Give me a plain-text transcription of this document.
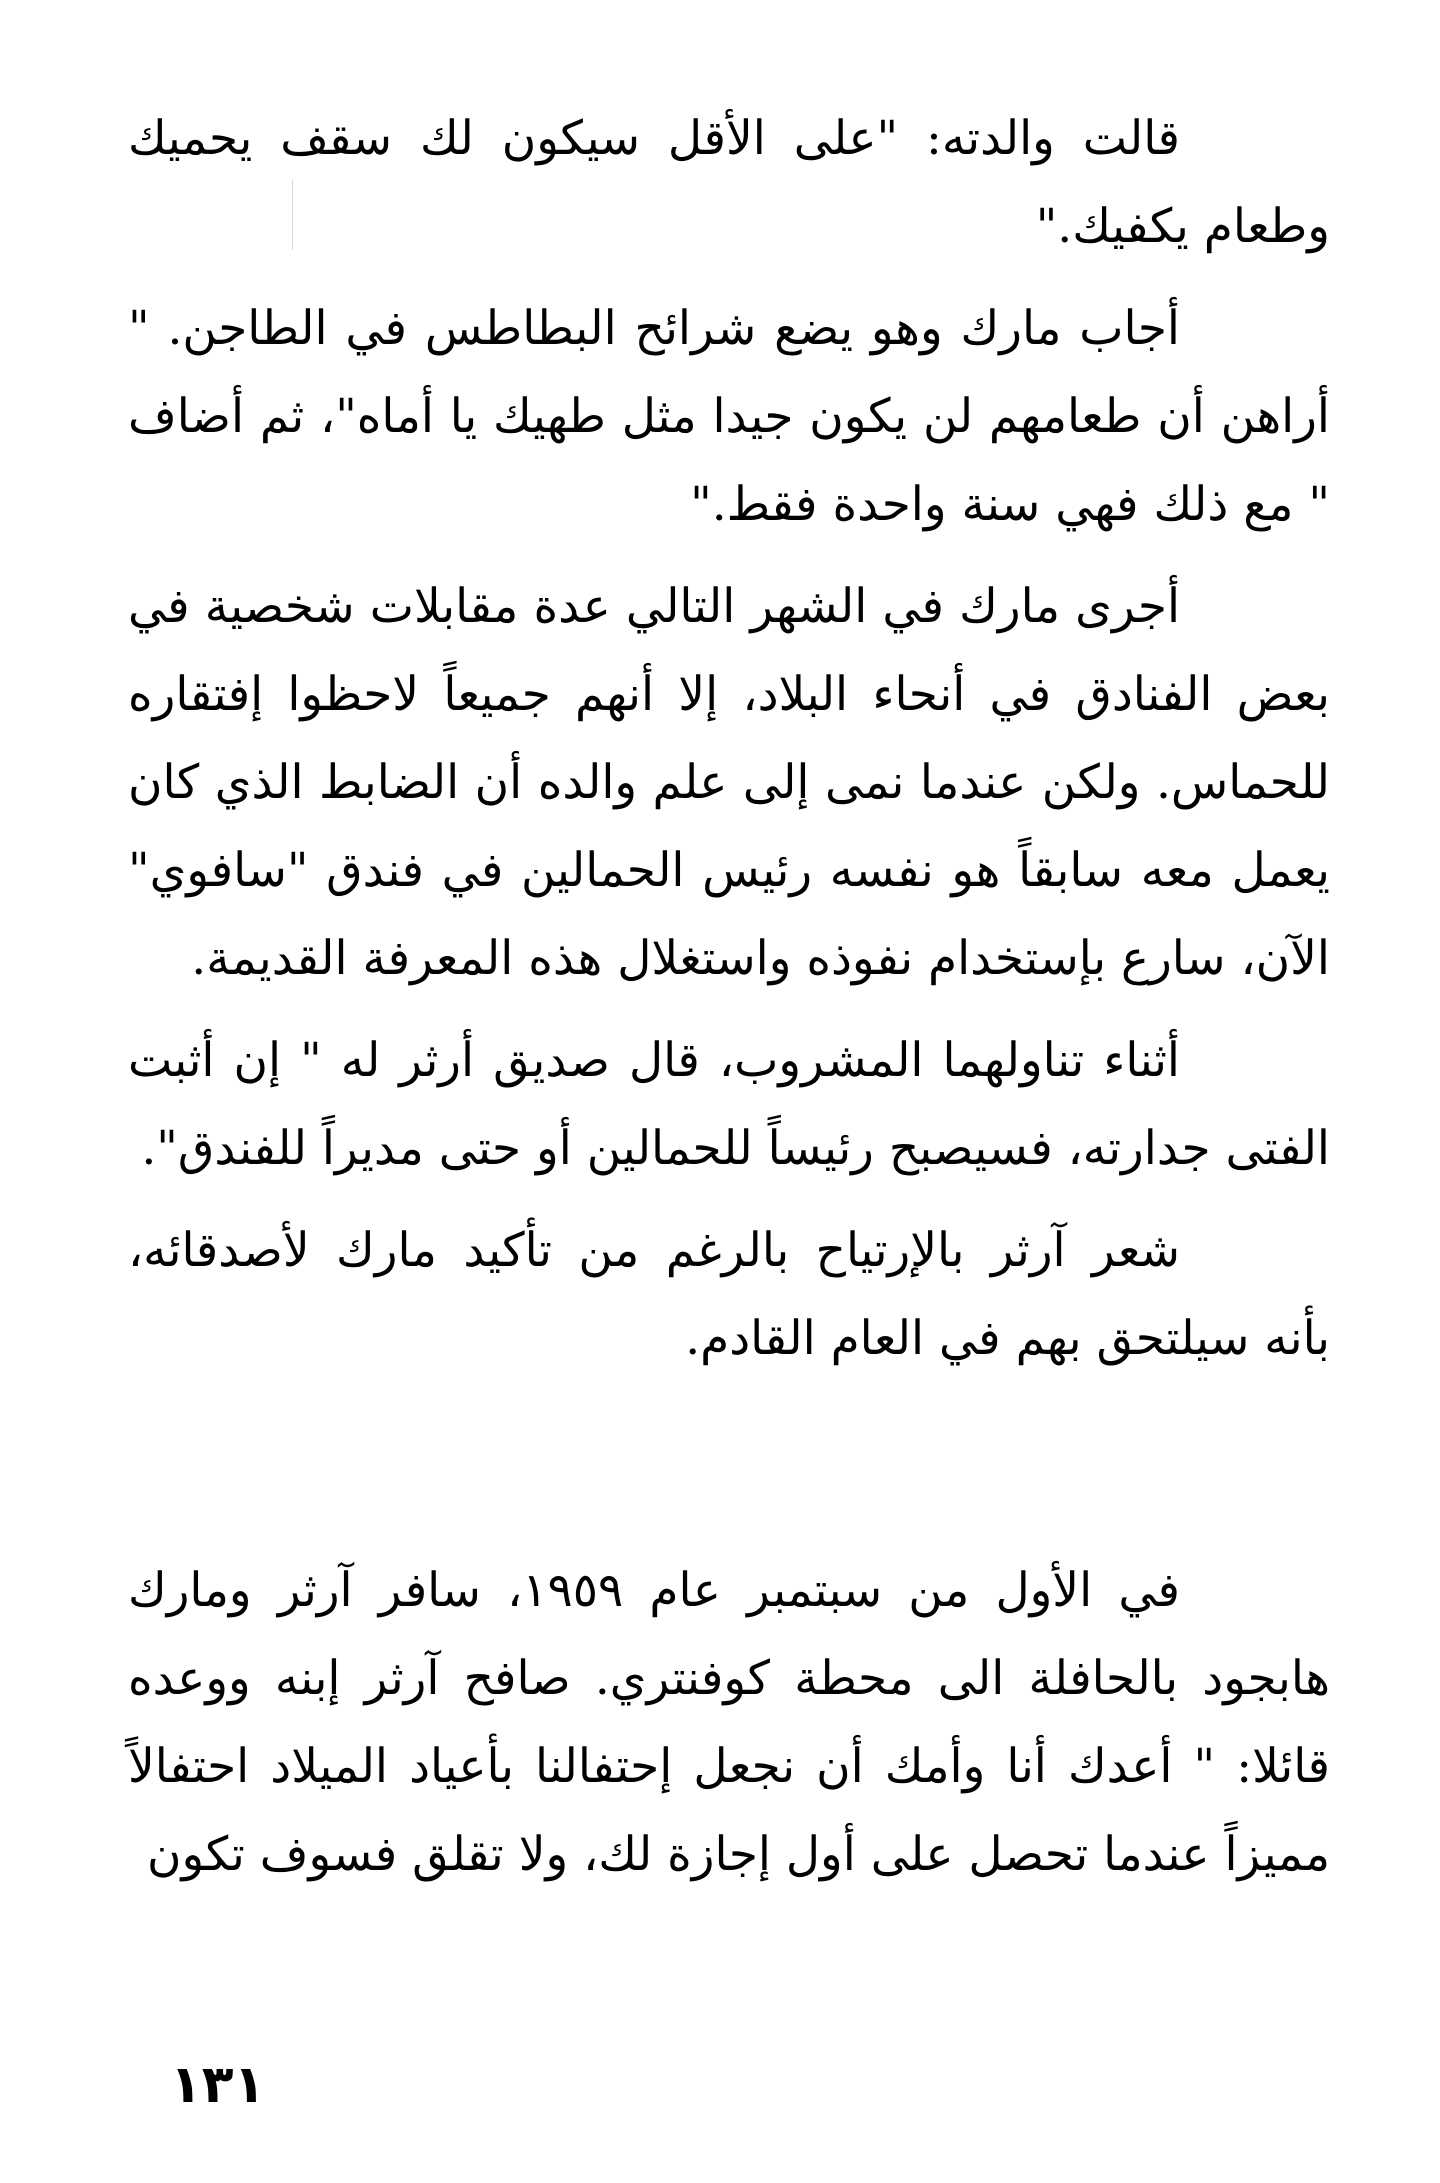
قالت والدته: "على الأقل سيكون لك سقف يحميك وطعام يكفيك."

أجاب مارك وهو يضع شرائح البطاطس في الطاجن. " أراهن أن طعامهم لن يكون جيدا مثل طهيك يا أماه"، ثم أضاف " مع ذلك فهي سنة واحدة فقط."

أجرى مارك في الشهر التالي عدة مقابلات شخصية في بعض الفنادق في أنحاء البلاد، إلا أنهم جميعاً لاحظوا إفتقاره للحماس. ولكن عندما نمى إلى علم والده أن الضابط الذي كان يعمل معه سابقاً هو نفسه رئيس الحمالين في فندق "سافوي" الآن، سارع بإستخدام نفوذه واستغلال هذه المعرفة القديمة.

أثناء تناولهما المشروب، قال صديق أرثر له " إن أثبت الفتى جدارته، فسيصبح رئيساً للحمالين أو حتى مديراً للفندق".

شعر آرثر بالإرتياح بالرغم من تأكيد مارك لأصدقائه، بأنه سيلتحق بهم في العام القادم.

في الأول من سبتمبر عام ١٩٥٩، سافر آرثر ومارك هابجود بالحافلة الى محطة كوفنتري. صافح آرثر إبنه ووعده قائلا: " أعدك أنا وأمك أن نجعل إحتفالنا بأعياد الميلاد احتفالاً مميزاً عندما تحصل على أول إجازة لك، ولا تقلق فسوف تكون

١٣١
